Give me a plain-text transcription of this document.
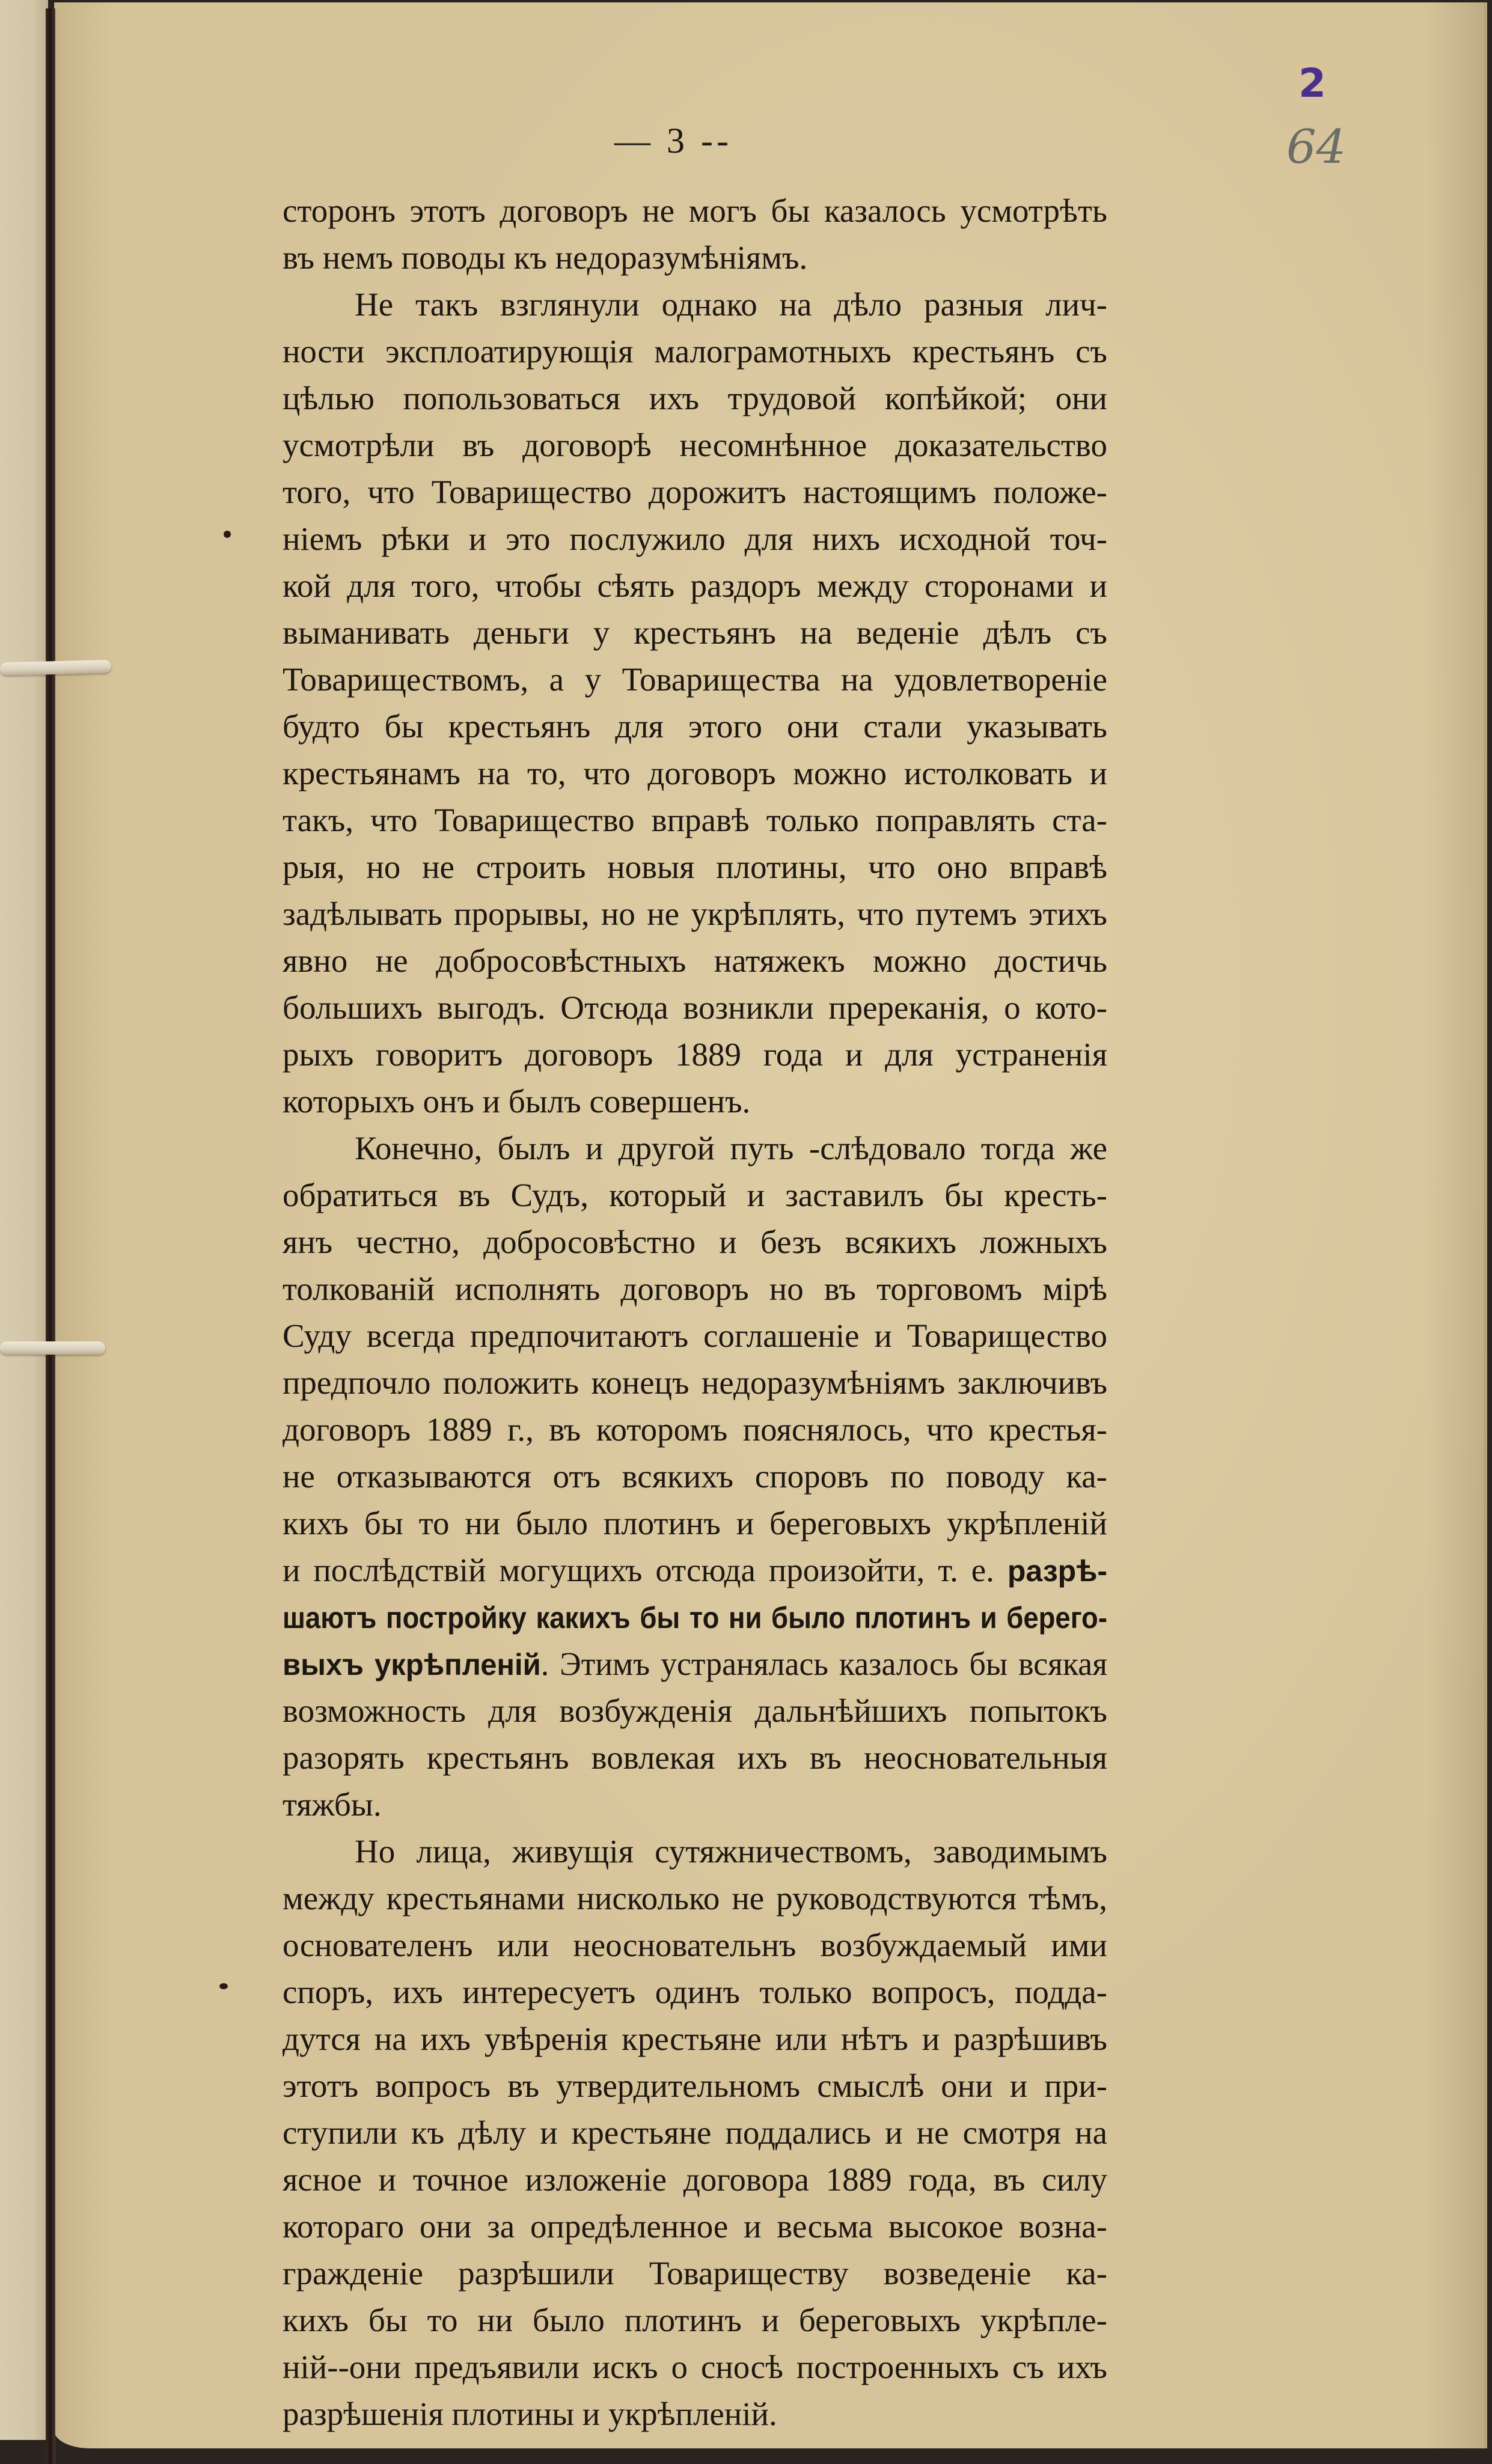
2
64
— 3 --
сторонъ этотъ договоръ не могъ бы казалось усмотрѣть
въ немъ поводы къ недоразумѣніямъ.
Не такъ взглянули однако на дѣло разныя лич-
ности эксплоатирующія малограмотныхъ крестьянъ съ
цѣлью попользоваться ихъ трудовой копѣйкой; они
усмотрѣли въ договорѣ несомнѣнное доказательство
того, что Товарищество дорожитъ настоящимъ положе-
ніемъ рѣки и это послужило для нихъ исходной точ-
кой для того, чтобы сѣять раздоръ между сторонами и
выманивать деньги у крестьянъ на веденіе дѣлъ съ
Товариществомъ, а у Товарищества на удовлетвореніе
будто бы крестьянъ для этого они стали указывать
крестьянамъ на то, что договоръ можно истолковать и
такъ, что Товарищество вправѣ только поправлять ста-
рыя, но не строить новыя плотины, что оно вправѣ
задѣлывать прорывы, но не укрѣплять, что путемъ этихъ
явно не добросовѣстныхъ натяжекъ можно достичь
большихъ выгодъ. Отсюда возникли пререканія, о кото-
рыхъ говоритъ договоръ 1889 года и для устраненія
которыхъ онъ и былъ совершенъ.
Конечно, былъ и другой путь -слѣдовало тогда же
обратиться въ Судъ, который и заставилъ бы кресть-
янъ честно, добросовѣстно и безъ всякихъ ложныхъ
толкованій исполнять договоръ но въ торговомъ мірѣ
Суду всегда предпочитаютъ соглашеніе и Товарищество
предпочло положить конецъ недоразумѣніямъ заключивъ
договоръ 1889 г., въ которомъ пояснялось, что крестья-
не отказываются отъ всякихъ споровъ по поводу ка-
кихъ бы то ни было плотинъ и береговыхъ укрѣпленій
и послѣдствій могущихъ отсюда произойти, т. е. разрѣ-
шаютъ постройку какихъ бы то ни было плотинъ и берего-
выхъ укрѣпленій. Этимъ устранялась казалось бы всякая
возможность для возбужденія дальнѣйшихъ попытокъ
разорять крестьянъ вовлекая ихъ въ неосновательныя
тяжбы.
Но лица, живущія сутяжничествомъ, заводимымъ
между крестьянами нисколько не руководствуются тѣмъ,
основателенъ или неосновательнъ возбуждаемый ими
споръ, ихъ интересуетъ одинъ только вопросъ, подда-
дутся на ихъ увѣренія крестьяне или нѣтъ и разрѣшивъ
этотъ вопросъ въ утвердительномъ смыслѣ они и при-
ступили къ дѣлу и крестьяне поддались и не смотря на
ясное и точное изложеніе договора 1889 года, въ силу
котораго они за опредѣленное и весьма высокое возна-
гражденіе разрѣшили Товариществу возведеніе ка-
кихъ бы то ни было плотинъ и береговыхъ укрѣпле-
ній--они предъявили искъ о сносѣ построенныхъ съ ихъ
разрѣшенія плотины и укрѣпленій.
